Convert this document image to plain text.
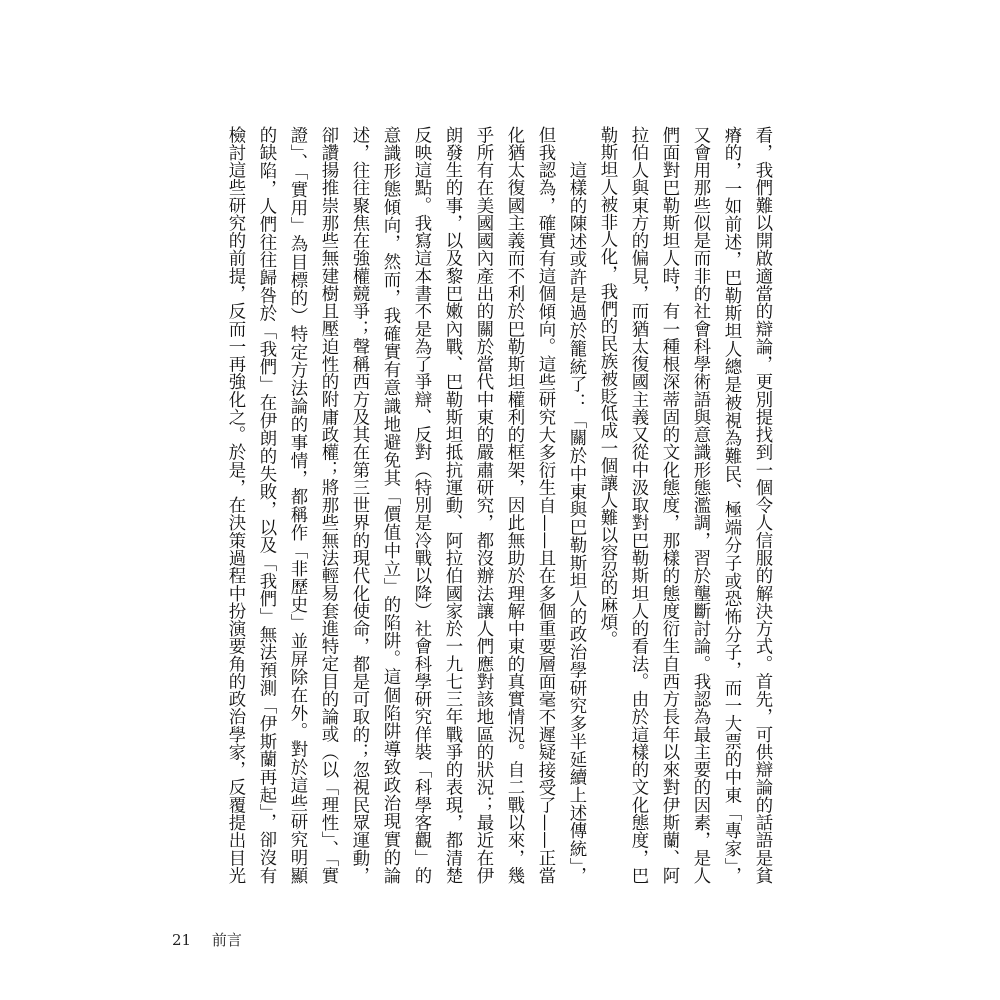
看，我們難以開啟適當的辯論，更別提找到一個令人信服的解決方式。首先，可供辯論的話語是貧
瘠的，一如前述，巴勒斯坦人總是被視為難民、極端分子或恐怖分子，而一大票的中東「專家」，
又會用那些似是而非的社會科學術語與意識形態濫調，習於壟斷討論。我認為最主要的因素，是人
們面對巴勒斯坦人時，有一種根深蒂固的文化態度，那樣的態度衍生自西方長年以來對伊斯蘭、阿
拉伯人與東方的偏見，而猶太復國主義又從中汲取對巴勒斯坦人的看法。由於這樣的文化態度，巴
勒斯坦人被非人化，我們的民族被貶低成一個讓人難以容忍的麻煩。
這樣的陳述或許是過於籠統了：「關於中東與巴勒斯坦人的政治學研究多半延續上述傳統」，
但我認為，確實有這個傾向。這些研究大多衍生自——且在多個重要層面毫不遲疑接受了——正當
化猶太復國主義而不利於巴勒斯坦權利的框架，因此無助於理解中東的真實情況。自二戰以來，幾
乎所有在美國國內產出的關於當代中東的嚴肅研究，都沒辦法讓人們應對該地區的狀況；最近在伊
朗發生的事，以及黎巴嫩內戰、巴勒斯坦抵抗運動、阿拉伯國家於一九七三年戰爭的表現，都清楚
反映這點。我寫這本書不是為了爭辯、反對（特別是冷戰以降）社會科學研究佯裝「科學客觀」的
意識形態傾向，然而，我確實有意識地避免其「價值中立」的陷阱。這個陷阱導致政治現實的論
述，往往聚焦在強權競爭；聲稱西方及其在第三世界的現代化使命，都是可取的；忽視民眾運動，
卻讚揚推崇那些無建樹且壓迫性的附庸政權；將那些無法輕易套進特定目的論或（以「理性」、「實
證」、「實用」為目標的）特定方法論的事情，都稱作「非歷史」並屏除在外。對於這些研究明顯
的缺陷，人們往往歸咎於「我們」在伊朗的失敗，以及「我們」無法預測「伊斯蘭再起」，卻沒有
檢討這些研究的前提，反而一再強化之。於是，在決策過程中扮演要角的政治學家，反覆提出目光
21 前言
